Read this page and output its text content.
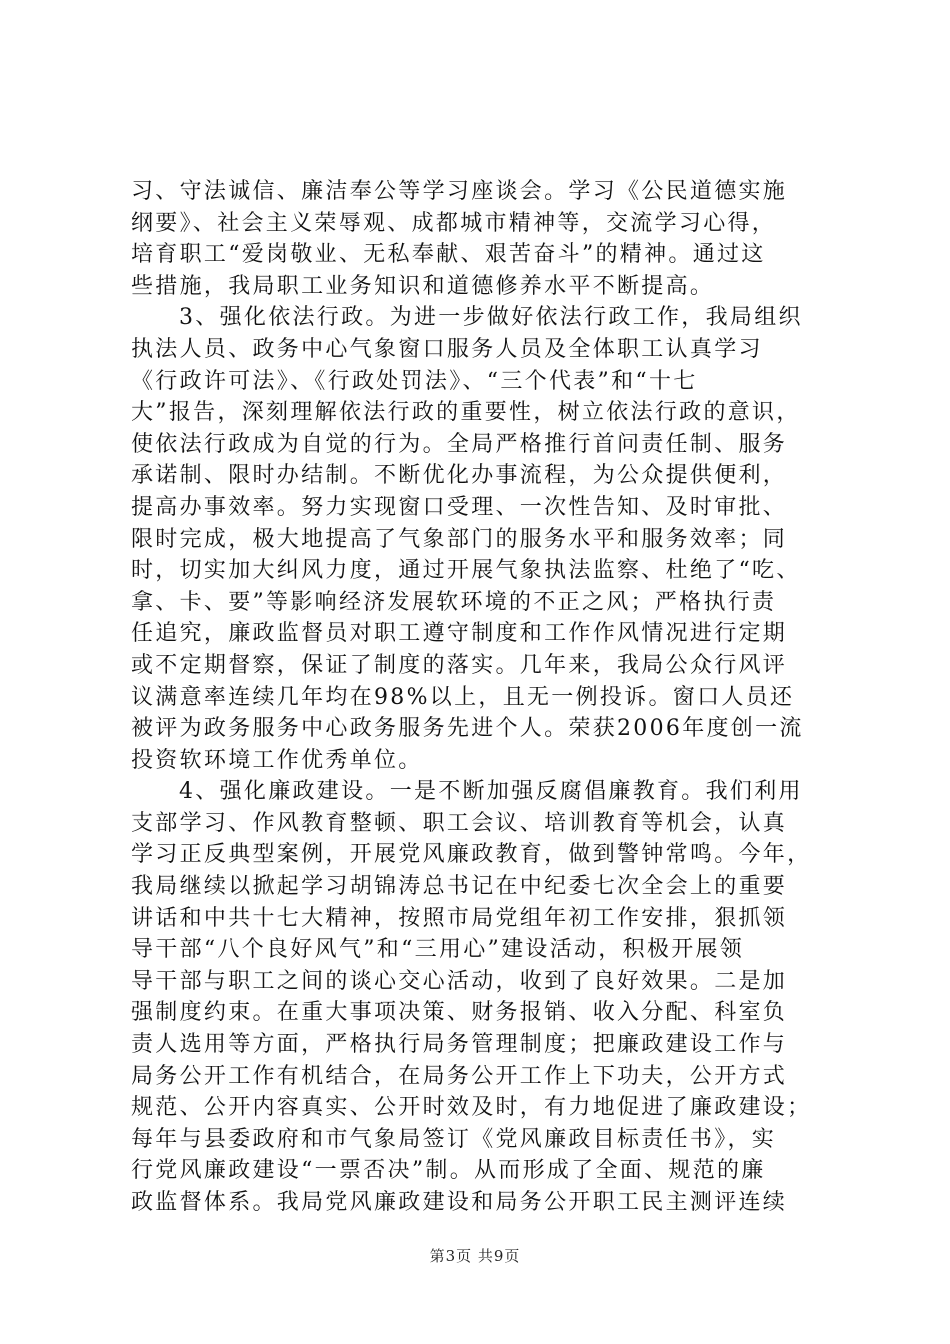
习、守法诚信、廉洁奉公等学习座谈会。学习《公民道德实施
纲要》、社会主义荣辱观、成都城市精神等，交流学习心得，
培育职工“爱岗敬业、无私奉献、艰苦奋斗”的精神。通过这
些措施，我局职工业务知识和道德修养水平不断提高。
3、强化依法行政。为进一步做好依法行政工作，我局组织
执法人员、政务中心气象窗口服务人员及全体职工认真学习
《行政许可法》、《行政处罚法》、“三个代表”和“十七
大”报告，深刻理解依法行政的重要性，树立依法行政的意识，
使依法行政成为自觉的行为。全局严格推行首问责任制、服务
承诺制、限时办结制。不断优化办事流程，为公众提供便利，
提高办事效率。努力实现窗口受理、一次性告知、及时审批、
限时完成，极大地提高了气象部门的服务水平和服务效率；同
时，切实加大纠风力度，通过开展气象执法监察、杜绝了“吃、
拿、卡、要”等影响经济发展软环境的不正之风；严格执行责
任追究，廉政监督员对职工遵守制度和工作作风情况进行定期
或不定期督察，保证了制度的落实。几年来，我局公众行风评
议满意率连续几年均在98%以上，且无一例投诉。窗口人员还
被评为政务服务中心政务服务先进个人。荣获2006年度创一流
投资软环境工作优秀单位。
4、强化廉政建设。一是不断加强反腐倡廉教育。我们利用
支部学习、作风教育整顿、职工会议、培训教育等机会，认真
学习正反典型案例，开展党风廉政教育，做到警钟常鸣。今年，
我局继续以掀起学习胡锦涛总书记在中纪委七次全会上的重要
讲话和中共十七大精神，按照市局党组年初工作安排，狠抓领
导干部“八个良好风气”和“三用心”建设活动，积极开展领
导干部与职工之间的谈心交心活动，收到了良好效果。二是加
强制度约束。在重大事项决策、财务报销、收入分配、科室负
责人选用等方面，严格执行局务管理制度；把廉政建设工作与
局务公开工作有机结合，在局务公开工作上下功夫，公开方式
规范、公开内容真实、公开时效及时，有力地促进了廉政建设；
每年与县委政府和市气象局签订《党风廉政目标责任书》，实
行党风廉政建设“一票否决”制。从而形成了全面、规范的廉
政监督体系。我局党风廉政建设和局务公开职工民主测评连续
第3页 共9页
